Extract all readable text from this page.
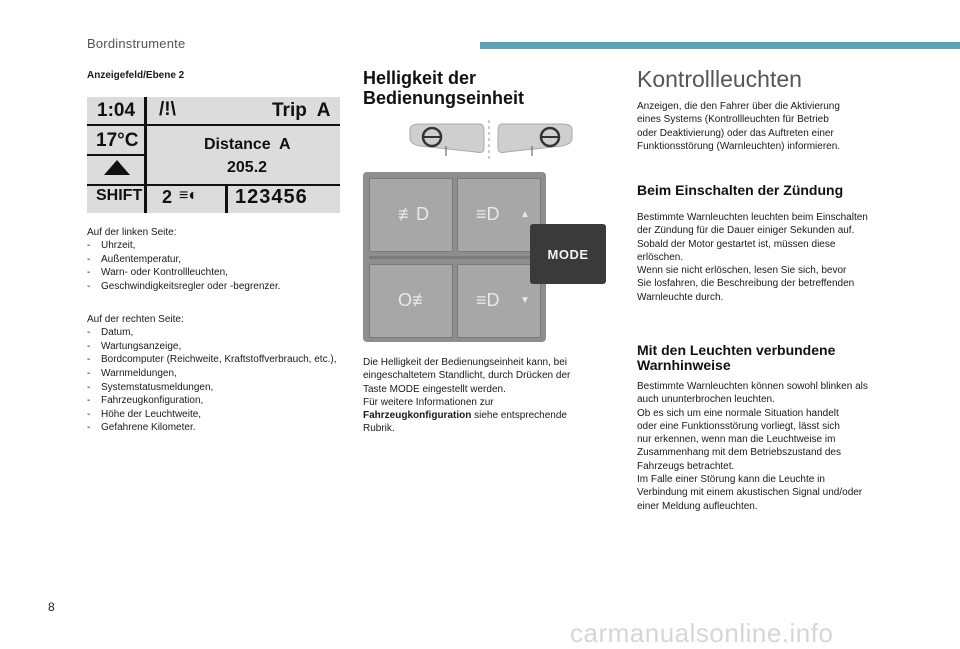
Bordinstrumente
Anzeigefeld/Ebene 2
1:04 /!\	Trip  A
17°C	Distance  A
205.2
SHIFT 2 ≡◐ 123456

Auf der linken Seite:

- Uhrzeit,
- Außentemperatur,
- Warn- oder Kontrollleuchten,
- Geschwindigkeitsregler oder -begrenzer.

Auf der rechten Seite:

- Datum,
- Wartungsanzeige,
- Bordcomputer (Reichweite, Kraftstoffverbrauch, etc.),
- Warnmeldungen,
- Systemstatusmeldungen,
- Fahrzeugkonfiguration,
- Höhe der Leuchtweite,
- Gefahrene Kilometer.
Helligkeit der
Bedienungseinheit
≢D	≡D ▲
O≢	≡D ▼
MODE

Die Helligkeit der Bedienungseinheit kann, bei
eingeschaltetem Standlicht, durch Drücken der
Taste MODE eingestellt werden.
Für weitere Informationen zur
Fahrzeugkonfiguration siehe entsprechende
Rubrik.

Kontrollleuchten

Anzeigen, die den Fahrer über die Aktivierung
eines Systems (Kontrollleuchten für Betrieb
oder Deaktivierung) oder das Auftreten einer
Funktionsstörung (Warnleuchten) informieren.

Beim Einschalten der Zündung

Bestimmte Warnleuchten leuchten beim Einschalten
der Zündung für die Dauer einiger Sekunden auf.
Sobald der Motor gestartet ist, müssen diese
erlöschen.
Wenn sie nicht erlöschen, lesen Sie sich, bevor
Sie losfahren, die Beschreibung der betreffenden
Warnleuchte durch.

Mit den Leuchten verbundene
Warnhinweise

Bestimmte Warnleuchten können sowohl blinken als
auch ununterbrochen leuchten.
Ob es sich um eine normale Situation handelt
oder eine Funktionsstörung vorliegt, lässt sich
nur erkennen, wenn man die Leuchtweise im
Zusammenhang mit dem Betriebszustand des
Fahrzeugs betrachtet.
Im Falle einer Störung kann die Leuchte in
Verbindung mit einem akustischen Signal und/oder
einer Meldung aufleuchten.

8
carmanualsonline.info
